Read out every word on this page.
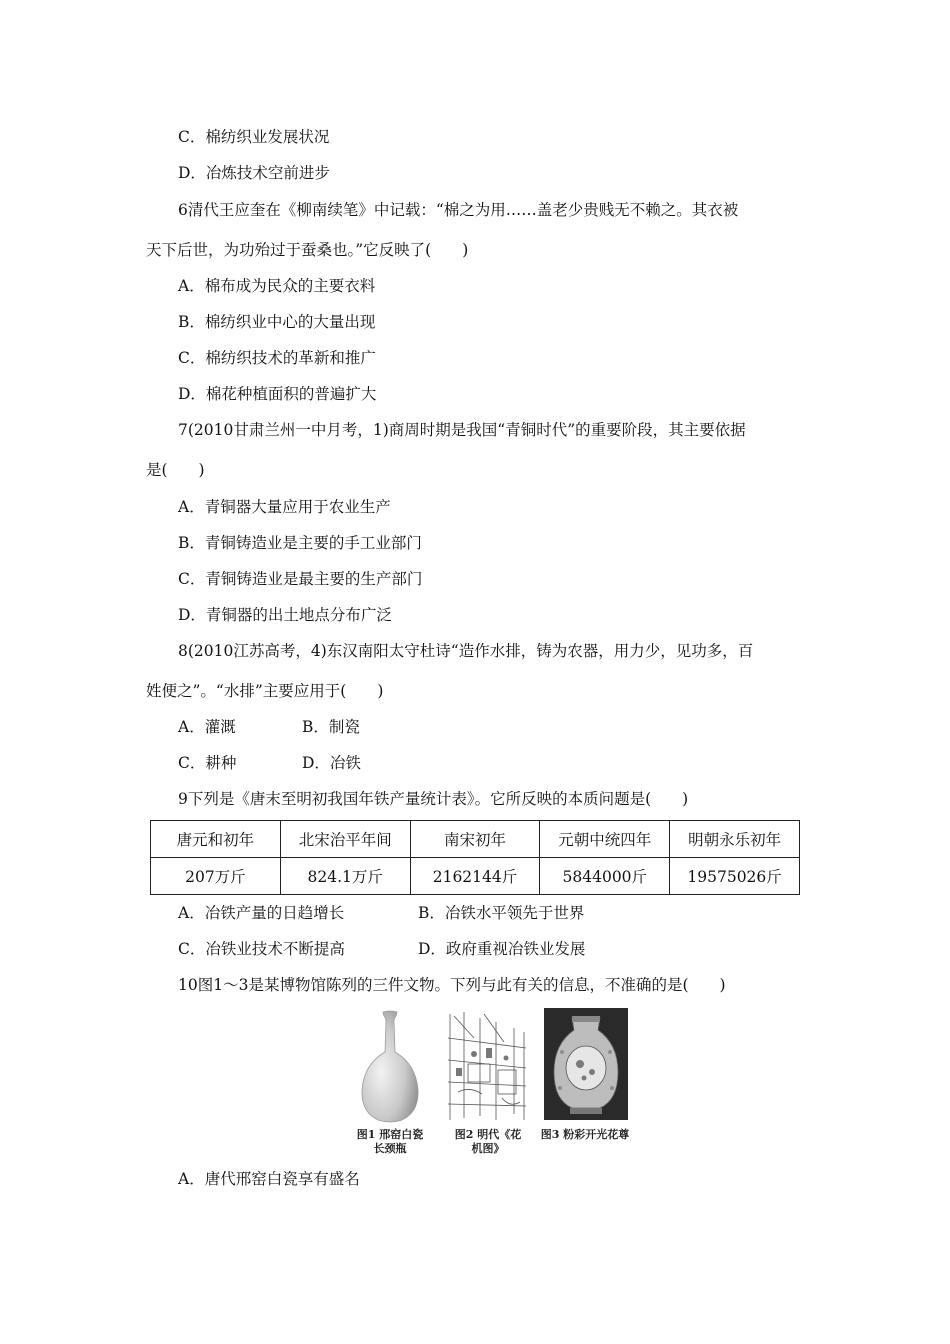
C．棉纺织业发展状况
D．冶炼技术空前进步
6清代王应奎在《柳南续笔》中记载：“棉之为用……盖老少贵贱无不赖之。其衣被
天下后世，为功殆过于蚕桑也。”它反映了(　　)
A．棉布成为民众的主要衣料
B．棉纺织业中心的大量出现
C．棉纺织技术的革新和推广
D．棉花种植面积的普遍扩大
7(2010甘肃兰州一中月考，1)商周时期是我国“青铜时代”的重要阶段，其主要依据
是(　　)
A．青铜器大量应用于农业生产
B．青铜铸造业是主要的手工业部门
C．青铜铸造业是最主要的生产部门
D．青铜器的出土地点分布广泛
8(2010江苏高考，4)东汉南阳太守杜诗“造作水排，铸为农器，用力少，见功多，百
姓便之”。“水排”主要应用于(　　)
A．灌溉	B．制瓷
C．耕种	D．冶铁
9下列是《唐末至明初我国年铁产量统计表》。它所反映的本质问题是(　　)
唐元和初年	北宋治平年间	南宋初年	元朝中统四年	明朝永乐初年
207万斤	824.1万斤	2162144斤	5844000斤	19575026斤
A．冶铁产量的日趋增长	B．冶铁水平领先于世界
C．冶铁业技术不断提高	D．政府重视冶铁业发展
10图1～3是某博物馆陈列的三件文物。下列与此有关的信息，不准确的是(　　)
图1 邢窑白瓷
长颈瓶
图2 明代《花
机图》
图3 粉彩开光花尊
A．唐代邢窑白瓷享有盛名
